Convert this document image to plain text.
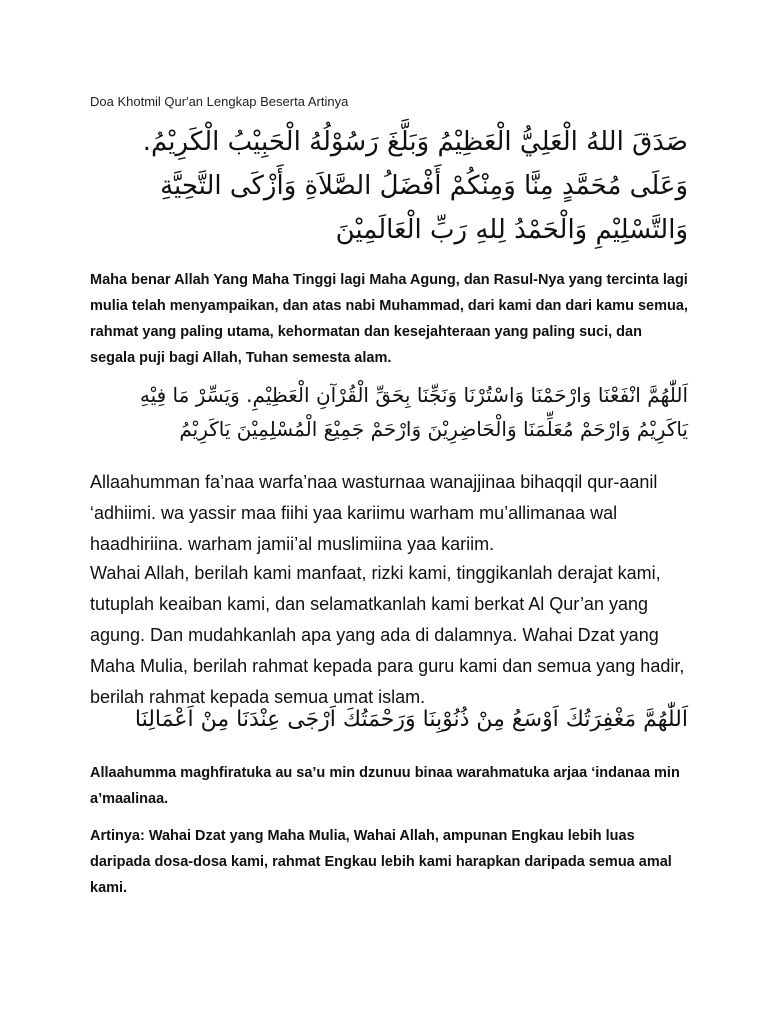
Doa Khotmil Qur'an Lengkap Beserta Artinya

صَدَقَ اللهُ الْعَلِيُّ الْعَظِيْمُ وَبَلَّغَ رَسُوْلُهُ الْحَبِيْبُ الْكَرِيْمُ. وَعَلَى مُحَمَّدٍ مِنَّا وَمِنْكُمْ أَفْضَلُ الصَّلاَةِ وَأَزْكَى التَّحِيَّةِ وَالتَّسْلِيْمِ وَالْحَمْدُ لِلهِ رَبِّ الْعَالَمِيْنَ

Maha benar Allah Yang Maha Tinggi lagi Maha Agung, dan Rasul-Nya yang tercinta lagi mulia telah menyampaikan, dan atas nabi Muhammad, dari kami dan dari kamu semua, rahmat yang paling utama, kehormatan dan kesejahteraan yang paling suci, dan segala puji bagi Allah, Tuhan semesta alam.

اَللّٰهُمَّ انْفَعْنَا وَارْحَمْنَا وَاسْتُرْنَا وَنَجِّنَا بِحَقِّ الْقُرْآنِ الْعَظِيْمِ. وَيَسِّرْ مَا فِيْهِ يَاكَرِيْمُ وَارْحَمْ مُعَلِّمَنَا وَالْحَاضِرِيْنَ وَارْحَمْ جَمِيْعَ الْمُسْلِمِيْنَ يَاكَرِيْمُ

Allaahumman fa’naa warfa’naa wasturnaa wanajjinaa bihaqqil qur-aanil ‘adhiimi. wa yassir maa fiihi yaa kariimu warham mu’allimanaa wal haadhiriina. warham jamii’al muslimiina yaa kariim.

Wahai Allah, berilah kami manfaat, rizki kami, tinggikanlah derajat kami, tutuplah keaiban kami, dan selamatkanlah kami berkat Al Qur’an yang agung. Dan mudahkanlah apa yang ada di dalamnya. Wahai Dzat yang Maha Mulia, berilah rahmat kepada para guru kami dan semua yang hadir, berilah rahmat kepada semua umat islam.

اَللّٰهُمَّ مَغْفِرَتُكَ اَوْسَعُ مِنْ ذُنُوْبِنَا وَرَحْمَتُكَ اَرْجَى عِنْدَنَا مِنْ اَعْمَالِنَا

Allaahumma maghfiratuka au sa’u min dzunuu binaa warahmatuka arjaa ‘indanaa min a’maalinaa.

Artinya: Wahai Dzat yang Maha Mulia, Wahai Allah, ampunan Engkau lebih luas daripada dosa-dosa kami, rahmat Engkau lebih kami harapkan daripada semua amal kami.
